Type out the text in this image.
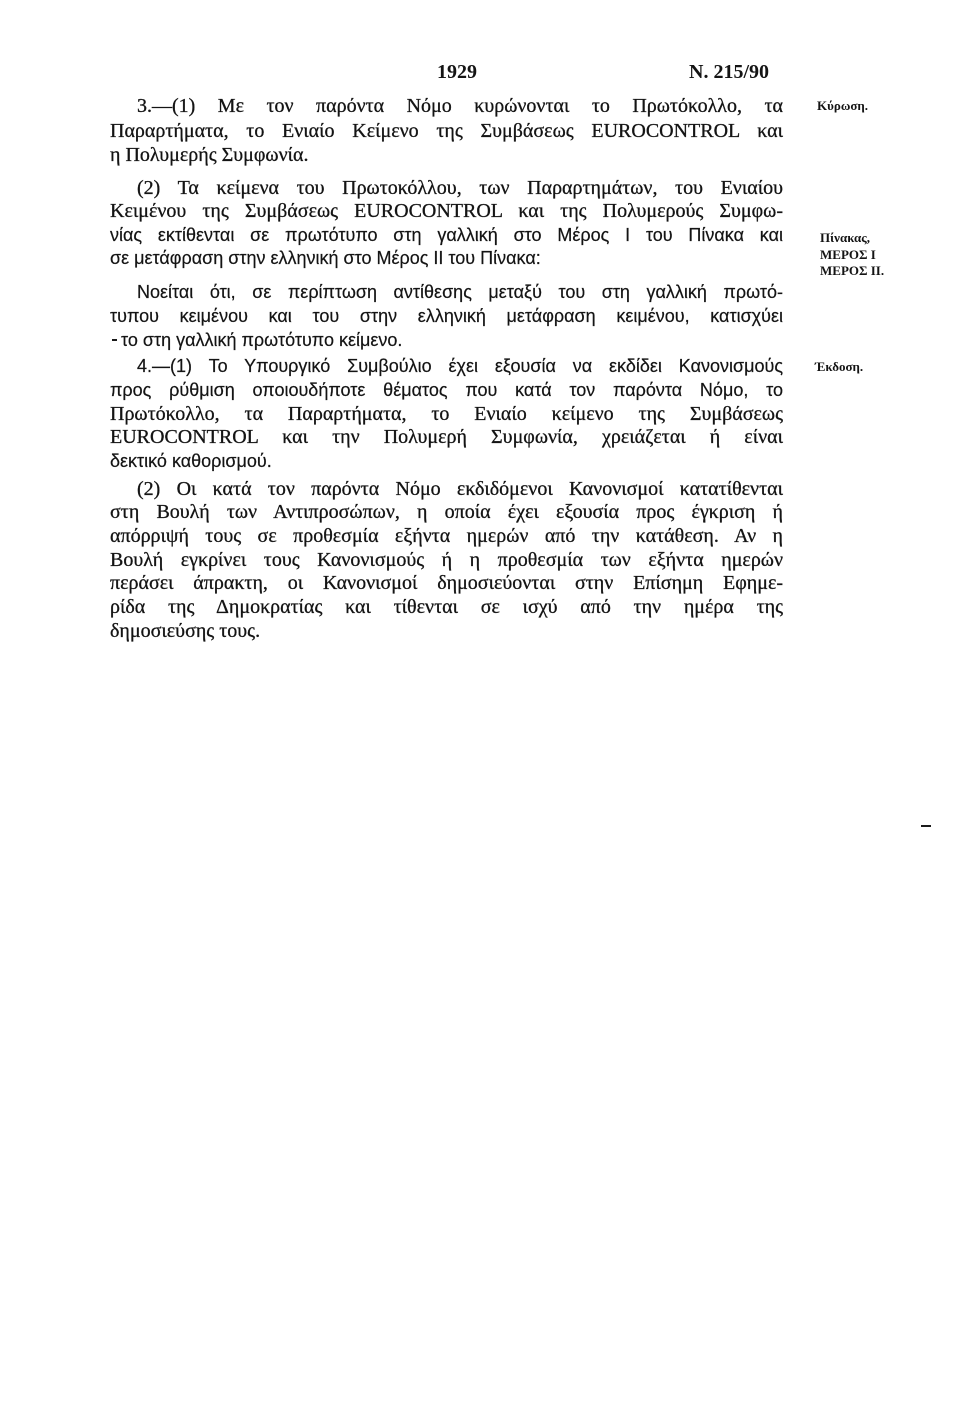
1929	Ν. 215/90
3.—(1) Με τον παρόντα Νόμο κυρώνονται το Πρωτόκολλο, τα
Παραρτήματα, το Ενιαίο Κείμενο της Συμβάσεως EUROCONTROL και
η Πολυμερής Συμφωνία.
(2) Τα κείμενα του Πρωτοκόλλου, των Παραρτημάτων, του Ενιαίου
Κειμένου της Συμβάσεως EUROCONTROL και της Πολυμερούς Συμφω-
νίας εκτίθενται σε πρωτότυπο στη γαλλική στο Μέρος Ι του Πίνακα και
σε μετάφραση στην ελληνική στο Μέρος ΙΙ του Πίνακα:
Νοείται ότι, σε περίπτωση αντίθεσης μεταξύ του στη γαλλική πρωτό-
τυπου κειμένου και του στην ελληνική μετάφραση κειμένου, κατισχύει
το στη γαλλική πρωτότυπο κείμενο.
4.—(1) Το Υπουργικό Συμβούλιο έχει εξουσία να εκδίδει Κανονισμούς
προς ρύθμιση οποιουδήποτε θέματος που κατά τον παρόντα Νόμο, το
Πρωτόκολλο, τα Παραρτήματα, το Ενιαίο κείμενο της Συμβάσεως
EUROCONTROL και την Πολυμερή Συμφωνία, χρειάζεται ή είναι
δεκτικό καθορισμού.
(2) Οι κατά τον παρόντα Νόμο εκδιδόμενοι Κανονισμοί κατατίθενται
στη Βουλή των Αντιπροσώπων, η οποία έχει εξουσία προς έγκριση ή
απόρριψή τους σε προθεσμία εξήντα ημερών από την κατάθεση. Αν η
Βουλή εγκρίνει τους Κανονισμούς ή η προθεσμία των εξήντα ημερών
περάσει άπρακτη, οι Κανονισμοί δημοσιεύονται στην Επίσημη Εφημε-
ρίδα της Δημοκρατίας και τίθενται σε ισχύ από την ημέρα της
δημοσιεύσης τους.
Κύρωση.
Πίνακας,
ΜΕΡΟΣ Ι
ΜΕΡΟΣ ΙΙ.
Έκδοση.
